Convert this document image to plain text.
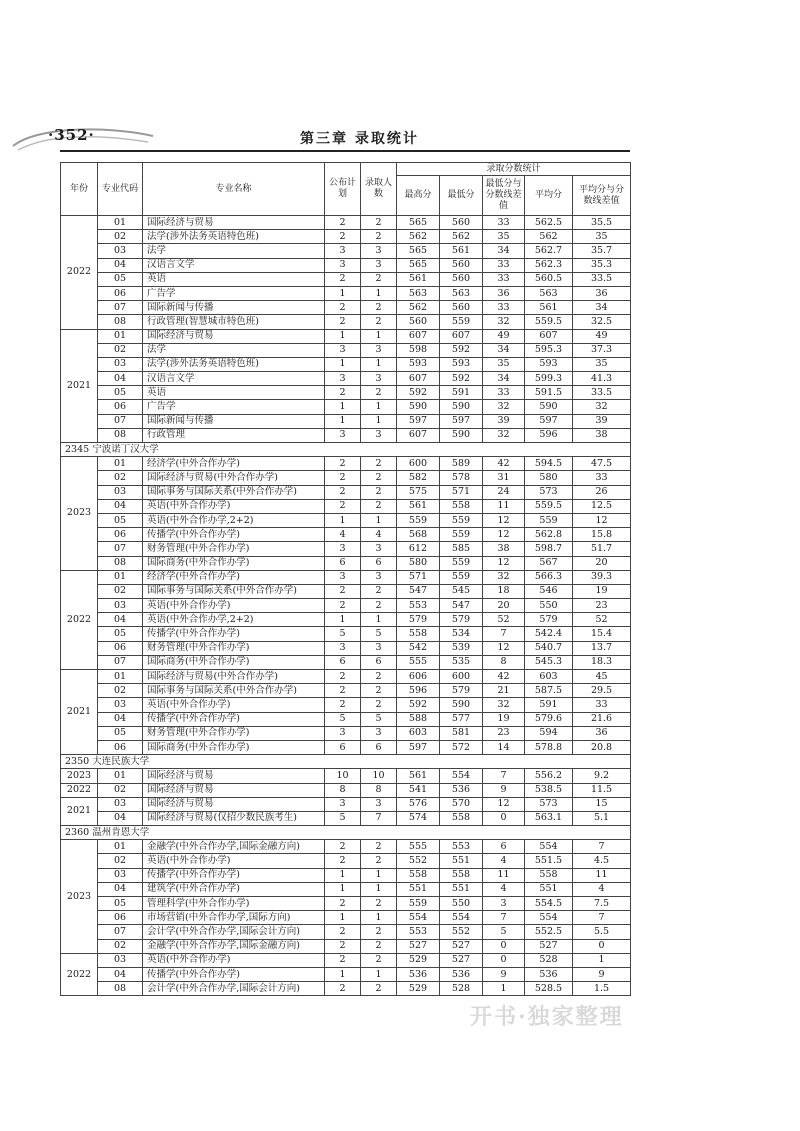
·352·	第三章 录取统计
年份	专业代码	专业名称	公布计划	录取人数	录取分数统计				
					最高分	最低分	最低分与分数线差值	平均分	平均分与分数线差值
2022	01	国际经济与贸易	2	2	565	560	33	562.5	35.5
	02	法学(涉外法务英语特色班)	2	2	562	562	35	562	35
	03	法学	3	3	565	561	34	562.7	35.7
	04	汉语言文学	3	3	565	560	33	562.3	35.3
	05	英语	2	2	561	560	33	560.5	33.5
	06	广告学	1	1	563	563	36	563	36
	07	国际新闻与传播	2	2	562	560	33	561	34
	08	行政管理(智慧城市特色班)	2	2	560	559	32	559.5	32.5
2021	01	国际经济与贸易	1	1	607	607	49	607	49
	02	法学	3	3	598	592	34	595.3	37.3
	03	法学(涉外法务英语特色班)	1	1	593	593	35	593	35
	04	汉语言文学	3	3	607	592	34	599.3	41.3
	05	英语	2	2	592	591	33	591.5	33.5
	06	广告学	1	1	590	590	32	590	32
	07	国际新闻与传播	1	1	597	597	39	597	39
	08	行政管理	3	3	607	590	32	596	38
2345 宁波诺丁汉大学									
2023	01	经济学(中外合作办学)	2	2	600	589	42	594.5	47.5
	02	国际经济与贸易(中外合作办学)	2	2	582	578	31	580	33
	03	国际事务与国际关系(中外合作办学)	2	2	575	571	24	573	26
	04	英语(中外合作办学)	2	2	561	558	11	559.5	12.5
	05	英语(中外合作办学,2+2)	1	1	559	559	12	559	12
	06	传播学(中外合作办学)	4	4	568	559	12	562.8	15.8
	07	财务管理(中外合作办学)	3	3	612	585	38	598.7	51.7
	08	国际商务(中外合作办学)	6	6	580	559	12	567	20
2022	01	经济学(中外合作办学)	3	3	571	559	32	566.3	39.3
	02	国际事务与国际关系(中外合作办学)	2	2	547	545	18	546	19
	03	英语(中外合作办学)	2	2	553	547	20	550	23
	04	英语(中外合作办学,2+2)	1	1	579	579	52	579	52
	05	传播学(中外合作办学)	5	5	558	534	7	542.4	15.4
	06	财务管理(中外合作办学)	3	3	542	539	12	540.7	13.7
	07	国际商务(中外合作办学)	6	6	555	535	8	545.3	18.3
2021	01	国际经济与贸易(中外合作办学)	2	2	606	600	42	603	45
	02	国际事务与国际关系(中外合作办学)	2	2	596	579	21	587.5	29.5
	03	英语(中外合作办学)	2	2	592	590	32	591	33
	04	传播学(中外合作办学)	5	5	588	577	19	579.6	21.6
	05	财务管理(中外合作办学)	3	3	603	581	23	594	36
	06	国际商务(中外合作办学)	6	6	597	572	14	578.8	20.8
2350 大连民族大学									
2023	01	国际经济与贸易	10	10	561	554	7	556.2	9.2
2022	02	国际经济与贸易	8	8	541	536	9	538.5	11.5
2021	03	国际经济与贸易	3	3	576	570	12	573	15
	04	国际经济与贸易(仅招少数民族考生)	5	7	574	558	0	563.1	5.1
2360 温州肯恩大学									
2023	01	金融学(中外合作办学,国际金融方向)	2	2	555	553	6	554	7
	02	英语(中外合作办学)	2	2	552	551	4	551.5	4.5
	03	传播学(中外合作办学)	1	1	558	558	11	558	11
	04	建筑学(中外合作办学)	1	1	551	551	4	551	4
	05	管理科学(中外合作办学)	2	2	559	550	3	554.5	7.5
	06	市场营销(中外合作办学,国际方向)	1	1	554	554	7	554	7
	07	会计学(中外合作办学,国际会计方向)	2	2	553	552	5	552.5	5.5
	02	金融学(中外合作办学,国际金融方向)	2	2	527	527	0	527	0
2022	03	英语(中外合作办学)	2	2	529	527	0	528	1
	04	传播学(中外合作办学)	1	1	536	536	9	536	9
	08	会计学(中外合作办学,国际会计方向)	2	2	529	528	1	528.5	1.5
开书·独家整理
